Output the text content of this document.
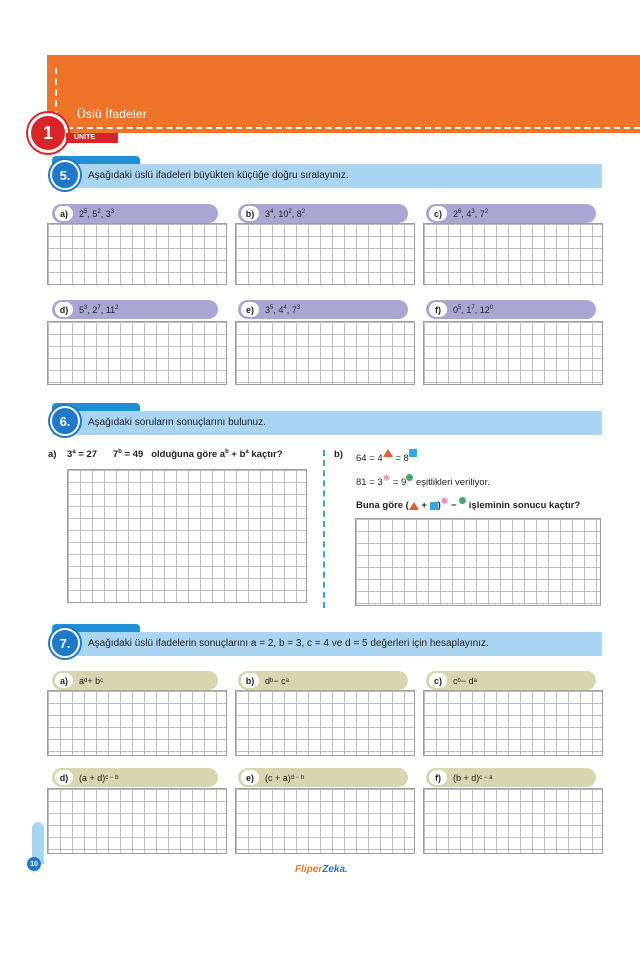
Üslü İfadeler
1	ÜNİTE
5.	Aşağıdaki üslü ifadeleri büyükten küçüğe doğru sıralayınız.
a)	$2^5$, $5^2$, $3^3$	b)	$3^4$, $10^2$, $8^2$	c)	$2^6$, $4^3$, $7^2$
d)	$5^3$, $2^7$, $11^2$	e)	$3^5$, $4^4$, $7^3$	f)	$0^5$, $1^7$, $12^0$
6.	Aşağıdaki soruların sonuçlarını bulunuz.
a) $3^a = 27$ $7^b = 49$ olduğuna göre $a^b + b^a$ kaçtır?	b) 64 = 4 = 8
81 = 3✱ = 9 eşitlikleri veriliyor.
Buna göre ( + )✱ −  işleminin sonucu kaçtır?
7.	Aşağıdaki üslü ifadelerin sonuçlarını a = 2, b = 3, c = 4 ve d = 5 değerleri için hesaplayınız.
a)	a d + b c	b)	d b − c a	c)	c b − d a
d)	(a + d) c − b	e)	(c + a) d − b	f)	(b + d) c − a
10	FliperZeka.
